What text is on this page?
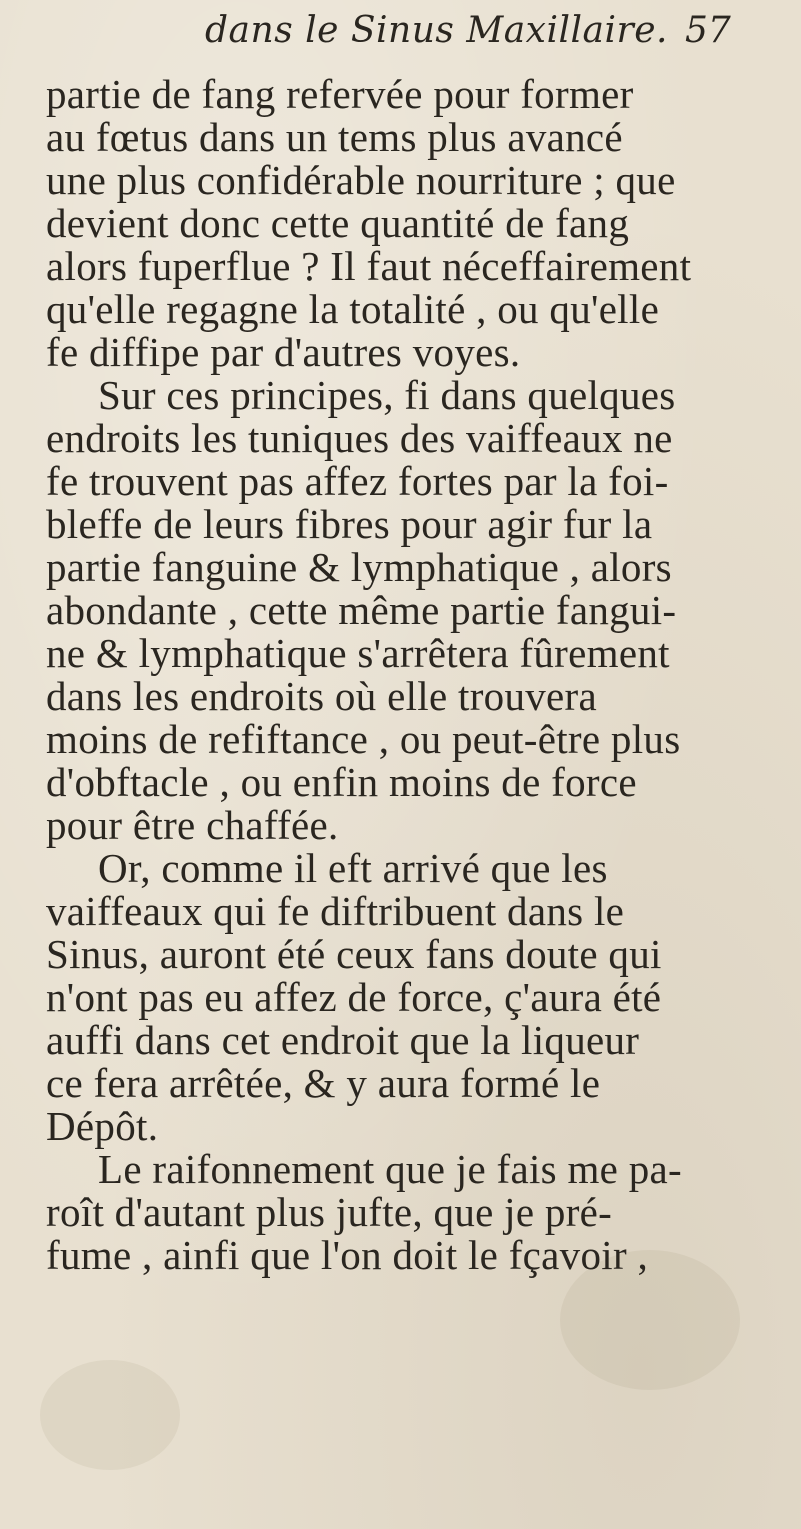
dans le Sinus Maxillaire. 57
partie de fang refervée pour former
au fœtus dans un tems plus avancé
une plus confidérable nourriture ; que
devient donc cette quantité de fang
alors fuperflue ? Il faut néceffairement
qu'elle regagne la totalité , ou qu'elle
fe diffipe par d'autres voyes.
Sur ces principes, fi dans quelques
endroits les tuniques des vaiffeaux ne
fe trouvent pas affez fortes par la foi-
bleffe de leurs fibres pour agir fur la
partie fanguine & lymphatique , alors
abondante , cette même partie fangui-
ne & lymphatique s'arrêtera fûrement
dans les endroits où elle trouvera
moins de refiftance , ou peut-être plus
d'obftacle , ou enfin moins de force
pour être chaffée.
Or, comme il eft arrivé que les
vaiffeaux qui fe diftribuent dans le
Sinus, auront été ceux fans doute qui
n'ont pas eu affez de force, ç'aura été
auffi dans cet endroit que la liqueur
ce fera arrêtée, & y aura formé le
Dépôt.
Le raifonnement que je fais me pa-
roît d'autant plus jufte, que je pré-
fume , ainfi que l'on doit le fçavoir ,
